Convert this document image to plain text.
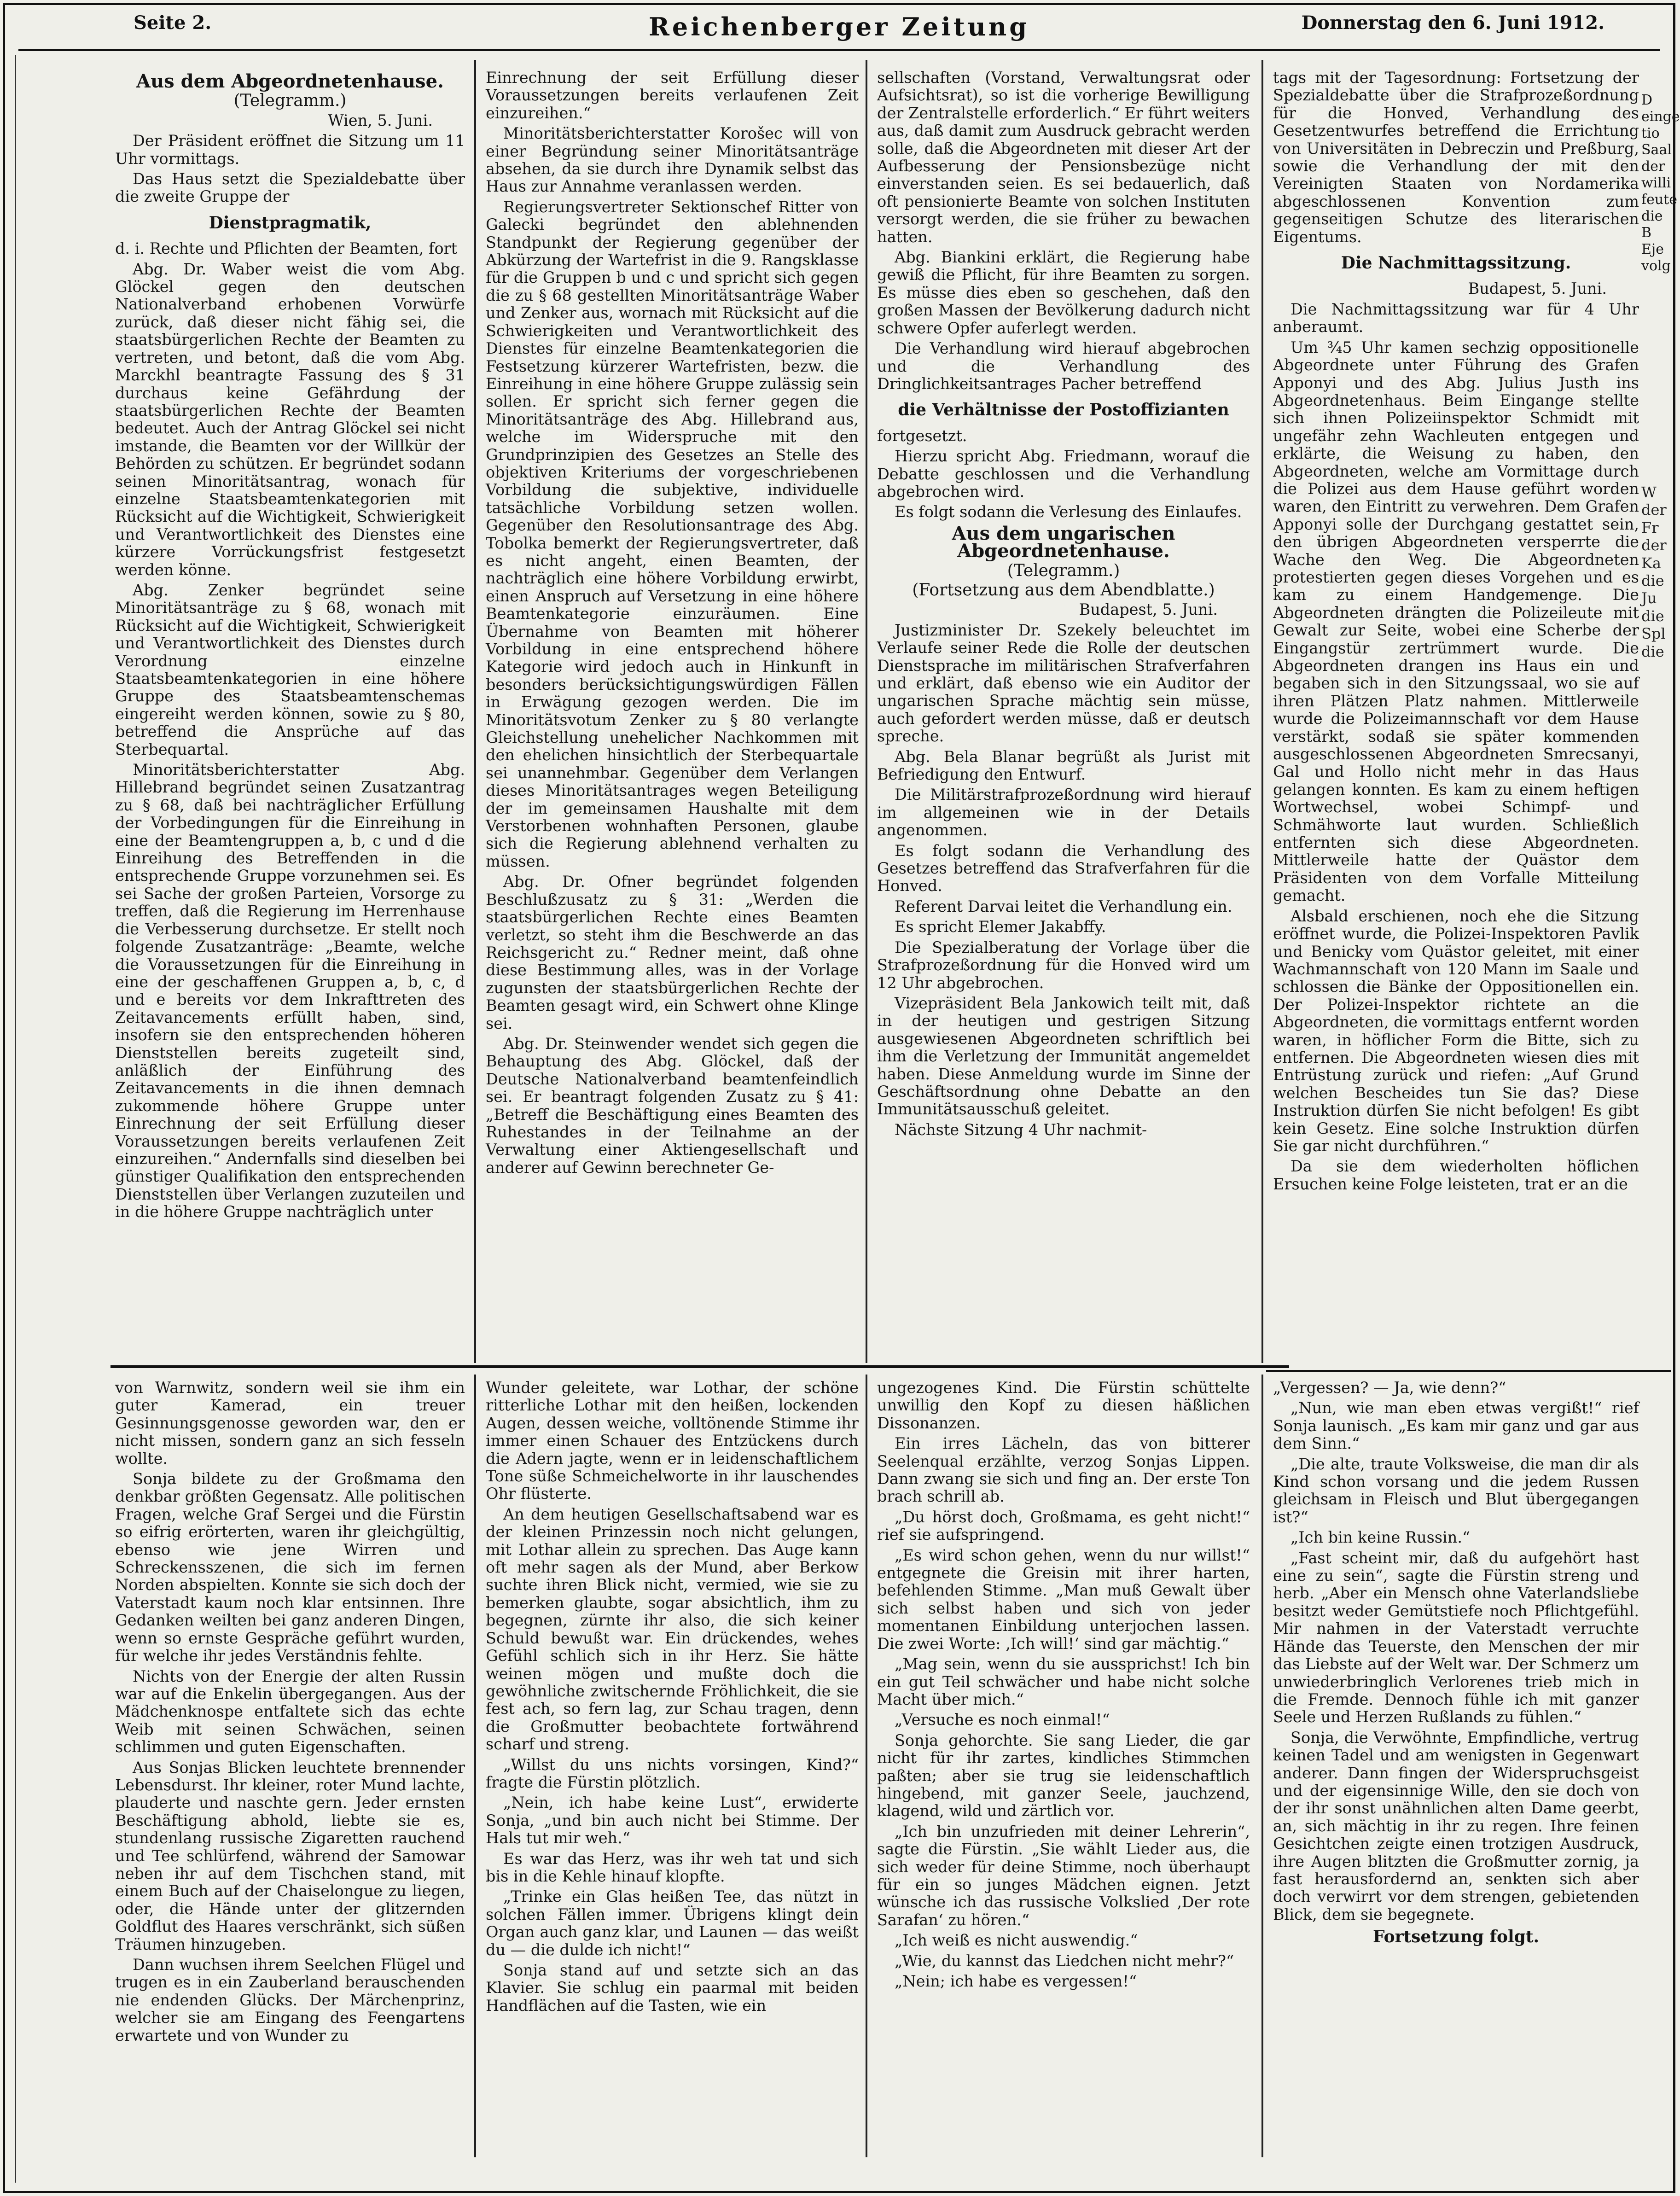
Seite 2.	Reichenberger Zeitung	Donnerstag den 6. Juni 1912.

Aus dem Abgeordnetenhause.

(Telegramm.)

Wien, 5. Juni.

Der Präsident eröffnet die Sitzung um 11 Uhr vormittags.

Das Haus setzt die Spezialdebatte über die zweite Gruppe der

Dienstpragmatik,

d. i. Rechte und Pflichten der Beamten, fort

Abg. Dr. Waber weist die vom Abg. Glöckel gegen den deutschen Nationalverband erhobenen Vorwürfe zurück, daß dieser nicht fähig sei, die staatsbürgerlichen Rechte der Beamten zu vertreten, und betont, daß die vom Abg. Marckhl beantragte Fassung des § 31 durchaus keine Gefährdung der staatsbürgerlichen Rechte der Beamten bedeutet. Auch der Antrag Glöckel sei nicht imstande, die Beamten vor der Willkür der Behörden zu schützen. Er begründet sodann seinen Minoritätsantrag, wonach für einzelne Staatsbeamtenkategorien mit Rücksicht auf die Wichtigkeit, Schwierigkeit und Verantwortlichkeit des Dienstes eine kürzere Vorrückungsfrist festgesetzt werden könne.

Abg. Zenker begründet seine Minoritätsanträge zu § 68, wonach mit Rücksicht auf die Wichtigkeit, Schwierigkeit und Verantwortlichkeit des Dienstes durch Verordnung einzelne Staatsbeamtenkategorien in eine höhere Gruppe des Staatsbeamtenschemas eingereiht werden können, sowie zu § 80, betreffend die Ansprüche auf das Sterbequartal.

Minoritätsberichterstatter Abg. Hillebrand begründet seinen Zusatzantrag zu § 68, daß bei nachträglicher Erfüllung der Vorbedingungen für die Einreihung in eine der Beamtengruppen a, b, c und d die Einreihung des Betreffenden in die entsprechende Gruppe vorzunehmen sei. Es sei Sache der großen Parteien, Vorsorge zu treffen, daß die Regierung im Herrenhause die Verbesserung durchsetze. Er stellt noch folgende Zusatzanträge: „Beamte, welche die Voraussetzungen für die Einreihung in eine der geschaffenen Gruppen a, b, c, d und e bereits vor dem Inkrafttreten des Zeitavancements erfüllt haben, sind, insofern sie den entsprechenden höheren Dienststellen bereits zugeteilt sind, anläßlich der Einführung des Zeitavancements in die ihnen demnach zukommende höhere Gruppe unter Einrechnung der seit Erfüllung dieser Voraussetzungen bereits verlaufenen Zeit einzureihen.“ Andernfalls sind dieselben bei günstiger Qualifikation den entsprechenden Dienststellen über Verlangen zuzuteilen und in die höhere Gruppe nachträglich unter

Einrechnung der seit Erfüllung dieser Voraussetzungen bereits verlaufenen Zeit einzureihen.“

Minoritätsberichterstatter Korošec will von einer Begründung seiner Minoritätsanträge absehen, da sie durch ihre Dynamik selbst das Haus zur Annahme veranlassen werden.

Regierungsvertreter Sektionschef Ritter von Galecki begründet den ablehnenden Standpunkt der Regierung gegenüber der Abkürzung der Wartefrist in die 9. Rangsklasse für die Gruppen b und c und spricht sich gegen die zu § 68 gestellten Minoritätsanträge Waber und Zenker aus, wornach mit Rücksicht auf die Schwierigkeiten und Verantwortlichkeit des Dienstes für einzelne Beamtenkategorien die Festsetzung kürzerer Wartefristen, bezw. die Einreihung in eine höhere Gruppe zulässig sein sollen. Er spricht sich ferner gegen die Minoritätsanträge des Abg. Hillebrand aus, welche im Widerspruche mit den Grundprinzipien des Gesetzes an Stelle des objektiven Kriteriums der vorgeschriebenen Vorbildung die subjektive, individuelle tatsächliche Vorbildung setzen wollen. Gegenüber den Resolutionsantrage des Abg. Tobolka bemerkt der Regierungsvertreter, daß es nicht angeht, einen Beamten, der nachträglich eine höhere Vorbildung erwirbt, einen Anspruch auf Versetzung in eine höhere Beamtenkategorie einzuräumen. Eine Übernahme von Beamten mit höherer Vorbildung in eine entsprechend höhere Kategorie wird jedoch auch in Hinkunft in besonders berücksichtigungswürdigen Fällen in Erwägung gezogen werden. Die im Minoritätsvotum Zenker zu § 80 verlangte Gleichstellung unehelicher Nachkommen mit den ehelichen hinsichtlich der Sterbequartale sei unannehmbar. Gegenüber dem Verlangen dieses Minoritätsantrages wegen Beteiligung der im gemeinsamen Haushalte mit dem Verstorbenen wohnhaften Personen, glaube sich die Regierung ablehnend verhalten zu müssen.

Abg. Dr. Ofner begründet folgenden Beschlußzusatz zu § 31: „Werden die staatsbürgerlichen Rechte eines Beamten verletzt, so steht ihm die Beschwerde an das Reichsgericht zu.“ Redner meint, daß ohne diese Bestimmung alles, was in der Vorlage zugunsten der staatsbürgerlichen Rechte der Beamten gesagt wird, ein Schwert ohne Klinge sei.

Abg. Dr. Steinwender wendet sich gegen die Behauptung des Abg. Glöckel, daß der Deutsche Nationalverband beamtenfeindlich sei. Er beantragt folgenden Zusatz zu § 41: „Betreff die Beschäftigung eines Beamten des Ruhestandes in der Teilnahme an der Verwaltung einer Aktiengesellschaft und anderer auf Gewinn berechneter Ge-

sellschaften (Vorstand, Verwaltungsrat oder Aufsichtsrat), so ist die vorherige Bewilligung der Zentralstelle erforderlich.“ Er führt weiters aus, daß damit zum Ausdruck gebracht werden solle, daß die Abgeordneten mit dieser Art der Aufbesserung der Pensionsbezüge nicht einverstanden seien. Es sei bedauerlich, daß oft pensionierte Beamte von solchen Instituten versorgt werden, die sie früher zu bewachen hatten.

Abg. Biankini erklärt, die Regierung habe gewiß die Pflicht, für ihre Beamten zu sorgen. Es müsse dies eben so geschehen, daß den großen Massen der Bevölkerung dadurch nicht schwere Opfer auferlegt werden.

Die Verhandlung wird hierauf abgebrochen und die Verhandlung des Dringlichkeitsantrages Pacher betreffend

die Verhältnisse der Postoffizianten

fortgesetzt.

Hierzu spricht Abg. Friedmann, worauf die Debatte geschlossen und die Verhandlung abgebrochen wird.

Es folgt sodann die Verlesung des Einlaufes.

Aus dem ungarischen Abgeordnetenhause.

(Telegramm.)

(Fortsetzung aus dem Abendblatte.)

Budapest, 5. Juni.

Justizminister Dr. Szekely beleuchtet im Verlaufe seiner Rede die Rolle der deutschen Dienstsprache im militärischen Strafverfahren und erklärt, daß ebenso wie ein Auditor der ungarischen Sprache mächtig sein müsse, auch gefordert werden müsse, daß er deutsch spreche.

Abg. Bela Blanar begrüßt als Jurist mit Befriedigung den Entwurf.

Die Militärstrafprozeßordnung wird hierauf im allgemeinen wie in der Details angenommen.

Es folgt sodann die Verhandlung des Gesetzes betreffend das Strafverfahren für die Honved.

Referent Darvai leitet die Verhandlung ein.

Es spricht Elemer Jakabffy.

Die Spezialberatung der Vorlage über die Strafprozeßordnung für die Honved wird um 12 Uhr abgebrochen.

Vizepräsident Bela Jankowich teilt mit, daß in der heutigen und gestrigen Sitzung ausgewiesenen Abgeordneten schriftlich bei ihm die Verletzung der Immunität angemeldet haben. Diese Anmeldung wurde im Sinne der Geschäftsordnung ohne Debatte an den Immunitätsausschuß geleitet.

Nächste Sitzung 4 Uhr nachmit-

tags mit der Tagesordnung: Fortsetzung der Spezialdebatte über die Strafprozeßordnung für die Honved, Verhandlung des Gesetzentwurfes betreffend die Errichtung von Universitäten in Debreczin und Preßburg, sowie die Verhandlung der mit den Vereinigten Staaten von Nordamerika abgeschlossenen Konvention zum gegenseitigen Schutze des literarischen Eigentums.

Die Nachmittagssitzung.

Budapest, 5. Juni.

Die Nachmittagssitzung war für 4 Uhr anberaumt.

Um ¾5 Uhr kamen sechzig oppositionelle Abgeordnete unter Führung des Grafen Apponyi und des Abg. Julius Justh ins Abgeordnetenhaus. Beim Eingange stellte sich ihnen Polizeiinspektor Schmidt mit ungefähr zehn Wachleuten entgegen und erklärte, die Weisung zu haben, den Abgeordneten, welche am Vormittage durch die Polizei aus dem Hause geführt worden waren, den Eintritt zu verwehren. Dem Grafen Apponyi solle der Durchgang gestattet sein, den übrigen Abgeordneten versperrte die Wache den Weg. Die Abgeordneten protestierten gegen dieses Vorgehen und es kam zu einem Handgemenge. Die Abgeordneten drängten die Polizeileute mit Gewalt zur Seite, wobei eine Scherbe der Eingangstür zertrümmert wurde. Die Abgeordneten drangen ins Haus ein und begaben sich in den Sitzungssaal, wo sie auf ihren Plätzen Platz nahmen. Mittlerweile wurde die Polizeimannschaft vor dem Hause verstärkt, sodaß sie später kommenden ausgeschlossenen Abgeordneten Smrecsanyi, Gal und Hollo nicht mehr in das Haus gelangen konnten. Es kam zu einem heftigen Wortwechsel, wobei Schimpf- und Schmähworte laut wurden. Schließlich entfernten sich diese Abgeordneten. Mittlerweile hatte der Quästor dem Präsidenten von dem Vorfalle Mitteilung gemacht.

Alsbald erschienen, noch ehe die Sitzung eröffnet wurde, die Polizei-Inspektoren Pavlik und Benicky vom Quästor geleitet, mit einer Wachmannschaft von 120 Mann im Saale und schlossen die Bänke der Oppositionellen ein. Der Polizei-Inspektor richtete an die Abgeordneten, die vormittags entfernt worden waren, in höflicher Form die Bitte, sich zu entfernen. Die Abgeordneten wiesen dies mit Entrüstung zurück und riefen: „Auf Grund welchen Bescheides tun Sie das? Diese Instruktion dürfen Sie nicht befolgen! Es gibt kein Gesetz. Eine solche Instruktion dürfen Sie gar nicht durchführen.“

Da sie dem wiederholten höflichen Ersuchen keine Folge leisteten, trat er an die

von Warnwitz, sondern weil sie ihm ein guter Kamerad, ein treuer Gesinnungsgenosse geworden war, den er nicht missen, sondern ganz an sich fesseln wollte.

Sonja bildete zu der Großmama den denkbar größten Gegensatz. Alle politischen Fragen, welche Graf Sergei und die Fürstin so eifrig erörterten, waren ihr gleichgültig, ebenso wie jene Wirren und Schreckensszenen, die sich im fernen Norden abspielten. Konnte sie sich doch der Vaterstadt kaum noch klar entsinnen. Ihre Gedanken weilten bei ganz anderen Dingen, wenn so ernste Gespräche geführt wurden, für welche ihr jedes Verständnis fehlte.

Nichts von der Energie der alten Russin war auf die Enkelin übergegangen. Aus der Mädchenknospe entfaltete sich das echte Weib mit seinen Schwächen, seinen schlimmen und guten Eigenschaften.

Aus Sonjas Blicken leuchtete brennender Lebensdurst. Ihr kleiner, roter Mund lachte, plauderte und naschte gern. Jeder ernsten Beschäftigung abhold, liebte sie es, stundenlang russische Zigaretten rauchend und Tee schlürfend, während der Samowar neben ihr auf dem Tischchen stand, mit einem Buch auf der Chaiselongue zu liegen, oder, die Hände unter der glitzernden Goldflut des Haares verschränkt, sich süßen Träumen hinzugeben.

Dann wuchsen ihrem Seelchen Flügel und trugen es in ein Zauberland berauschenden nie endenden Glücks. Der Märchenprinz, welcher sie am Eingang des Feengartens erwartete und von Wunder zu

Wunder geleitete, war Lothar, der schöne ritterliche Lothar mit den heißen, lockenden Augen, dessen weiche, volltönende Stimme ihr immer einen Schauer des Entzückens durch die Adern jagte, wenn er in leidenschaftlichem Tone süße Schmeichelworte in ihr lauschendes Ohr flüsterte.

An dem heutigen Gesellschaftsabend war es der kleinen Prinzessin noch nicht gelungen, mit Lothar allein zu sprechen. Das Auge kann oft mehr sagen als der Mund, aber Berkow suchte ihren Blick nicht, vermied, wie sie zu bemerken glaubte, sogar absichtlich, ihm zu begegnen, zürnte ihr also, die sich keiner Schuld bewußt war. Ein drückendes, wehes Gefühl schlich sich in ihr Herz. Sie hätte weinen mögen und mußte doch die gewöhnliche zwitschernde Fröhlichkeit, die sie fest ach, so fern lag, zur Schau tragen, denn die Großmutter beobachtete fortwährend scharf und streng.

„Willst du uns nichts vorsingen, Kind?“ fragte die Fürstin plötzlich.

„Nein, ich habe keine Lust“, erwiderte Sonja, „und bin auch nicht bei Stimme. Der Hals tut mir weh.“

Es war das Herz, was ihr weh tat und sich bis in die Kehle hinauf klopfte.

„Trinke ein Glas heißen Tee, das nützt in solchen Fällen immer. Übrigens klingt dein Organ auch ganz klar, und Launen — das weißt du — die dulde ich nicht!“

Sonja stand auf und setzte sich an das Klavier. Sie schlug ein paarmal mit beiden Handflächen auf die Tasten, wie ein

ungezogenes Kind. Die Fürstin schüttelte unwillig den Kopf zu diesen häßlichen Dissonanzen.

Ein irres Lächeln, das von bitterer Seelenqual erzählte, verzog Sonjas Lippen. Dann zwang sie sich und fing an. Der erste Ton brach schrill ab.

„Du hörst doch, Großmama, es geht nicht!“ rief sie aufspringend.

„Es wird schon gehen, wenn du nur willst!“ entgegnete die Greisin mit ihrer harten, befehlenden Stimme. „Man muß Gewalt über sich selbst haben und sich von jeder momentanen Einbildung unterjochen lassen. Die zwei Worte: ‚Ich will!‘ sind gar mächtig.“

„Mag sein, wenn du sie aussprichst! Ich bin ein gut Teil schwächer und habe nicht solche Macht über mich.“

„Versuche es noch einmal!“

Sonja gehorchte. Sie sang Lieder, die gar nicht für ihr zartes, kindliches Stimmchen paßten; aber sie trug sie leidenschaftlich hingebend, mit ganzer Seele, jauchzend, klagend, wild und zärtlich vor.

„Ich bin unzufrieden mit deiner Lehrerin“, sagte die Fürstin. „Sie wählt Lieder aus, die sich weder für deine Stimme, noch überhaupt für ein so junges Mädchen eignen. Jetzt wünsche ich das russische Volkslied ‚Der rote Sarafan‘ zu hören.“

„Ich weiß es nicht auswendig.“

„Wie, du kannst das Liedchen nicht mehr?“

„Nein; ich habe es vergessen!“

„Vergessen? — Ja, wie denn?“

„Nun, wie man eben etwas vergißt!“ rief Sonja launisch. „Es kam mir ganz und gar aus dem Sinn.“

„Die alte, traute Volksweise, die man dir als Kind schon vorsang und die jedem Russen gleichsam in Fleisch und Blut übergegangen ist?“

„Ich bin keine Russin.“

„Fast scheint mir, daß du aufgehört hast eine zu sein“, sagte die Fürstin streng und herb. „Aber ein Mensch ohne Vaterlandsliebe besitzt weder Gemütstiefe noch Pflichtgefühl. Mir nahmen in der Vaterstadt verruchte Hände das Teuerste, den Menschen der mir das Liebste auf der Welt war. Der Schmerz um unwiederbringlich Verlorenes trieb mich in die Fremde. Dennoch fühle ich mit ganzer Seele und Herzen Rußlands zu fühlen.“

Sonja, die Verwöhnte, Empfindliche, vertrug keinen Tadel und am wenigsten in Gegenwart anderer. Dann fingen der Widerspruchsgeist und der eigensinnige Wille, den sie doch von der ihr sonst unähnlichen alten Dame geerbt, an, sich mächtig in ihr zu regen. Ihre feinen Gesichtchen zeigte einen trotzigen Ausdruck, ihre Augen blitzten die Großmutter zornig, ja fast herausfordernd an, senkten sich aber doch verwirrt vor dem strengen, gebietenden Blick, dem sie begegnete.

Fortsetzung folgt.

D
einge
tio
Saal
der
willi
feute
die B
Eje
volg
W
der
Fr
der
Ka
die
Ju
die
Spl
die
